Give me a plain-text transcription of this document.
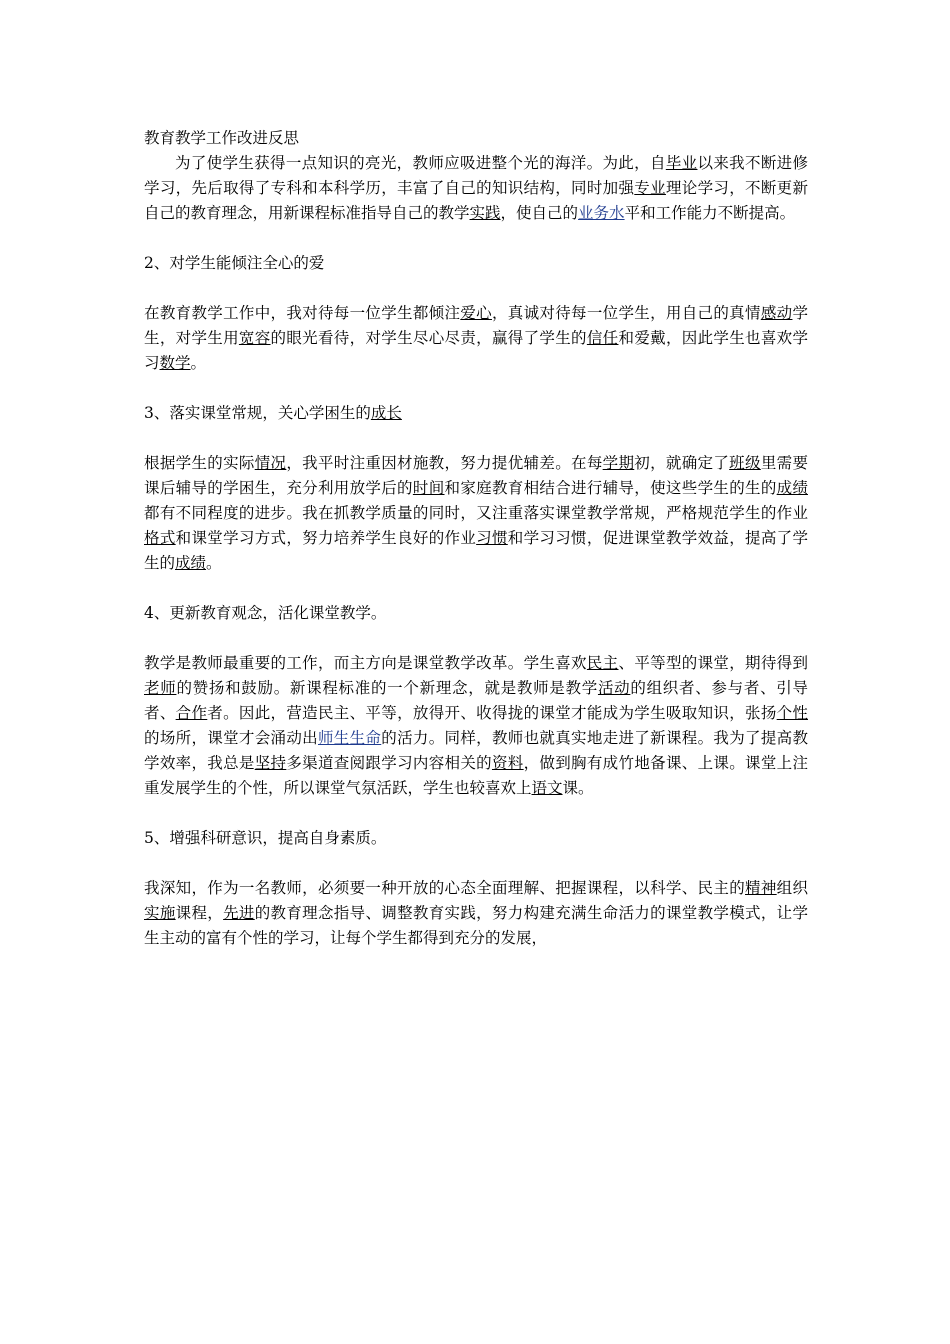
教育教学工作改进反思

为了使学生获得一点知识的亮光，教师应吸进整个光的海洋。为此，自毕业以来我不断进修学习，先后取得了专科和本科学历，丰富了自己的知识结构，同时加强专业理论学习，不断更新自己的教育理念，用新课程标准指导自己的教学实践，使自己的业务水平和工作能力不断提高。

2、对学生能倾注全心的爱

在教育教学工作中，我对待每一位学生都倾注爱心，真诚对待每一位学生，用自己的真情感动学生，对学生用宽容的眼光看待，对学生尽心尽责，赢得了学生的信任和爱戴，因此学生也喜欢学习数学。

3、落实课堂常规，关心学困生的成长

根据学生的实际情况，我平时注重因材施教，努力提优辅差。在每学期初，就确定了班级里需要课后辅导的学困生，充分利用放学后的时间和家庭教育相结合进行辅导，使这些学生的生的成绩都有不同程度的进步。我在抓教学质量的同时，又注重落实课堂教学常规，严格规范学生的作业格式和课堂学习方式，努力培养学生良好的作业习惯和学习习惯，促进课堂教学效益，提高了学生的成绩。

4、更新教育观念，活化课堂教学。

教学是教师最重要的工作，而主方向是课堂教学改革。学生喜欢民主、平等型的课堂，期待得到老师的赞扬和鼓励。新课程标准的一个新理念，就是教师是教学活动的组织者、参与者、引导者、合作者。因此，营造民主、平等，放得开、收得拢的课堂才能成为学生吸取知识，张扬个性的场所，课堂才会涌动出师生生命的活力。同样，教师也就真实地走进了新课程。我为了提高教学效率，我总是坚持多渠道查阅跟学习内容相关的资料，做到胸有成竹地备课、上课。课堂上注重发展学生的个性，所以课堂气氛活跃，学生也较喜欢上语文课。

5、增强科研意识，提高自身素质。

我深知，作为一名教师，必须要一种开放的心态全面理解、把握课程，以科学、民主的精神组织实施课程，先进的教育理念指导、调整教育实践，努力构建充满生命活力的课堂教学模式，让学生主动的富有个性的学习，让每个学生都得到充分的发展，
